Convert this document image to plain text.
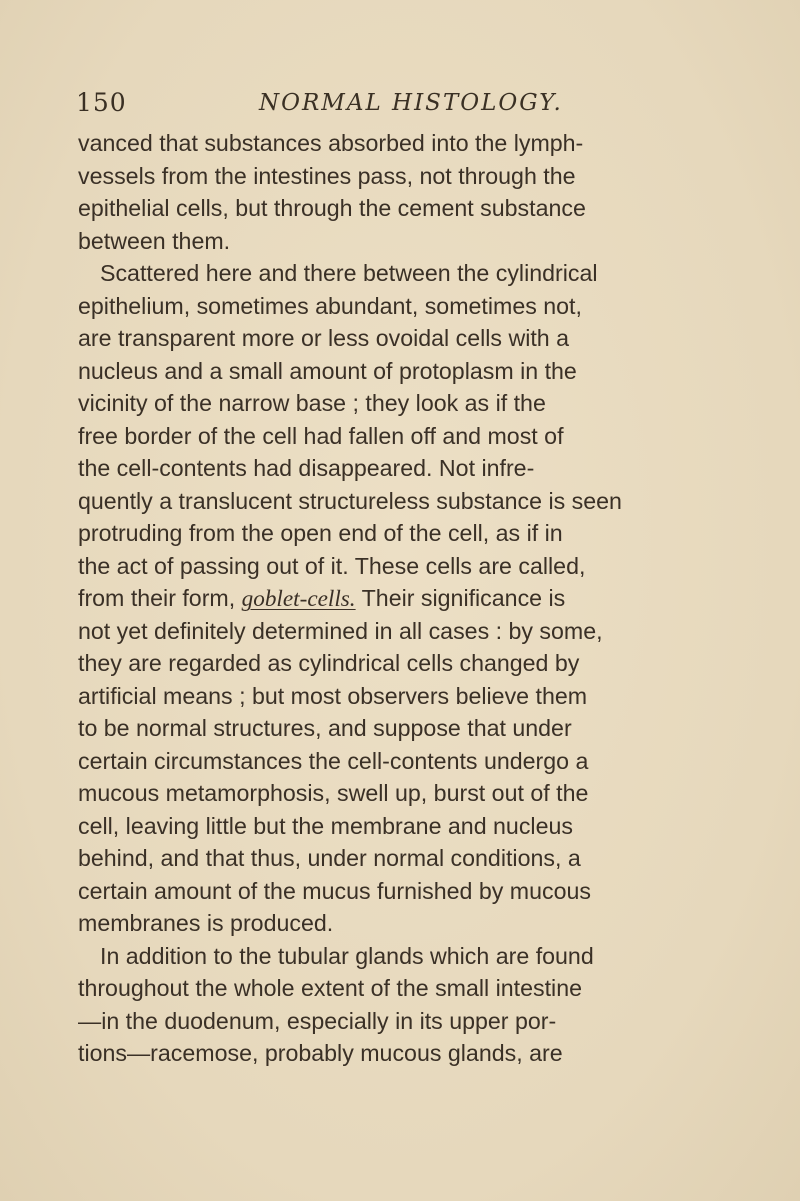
150	NORMAL HISTOLOGY.
vanced that substances absorbed into the lymph-
vessels from the intestines pass, not through the
epithelial cells, but through the cement substance
between them.
Scattered here and there between the cylindrical
epithelium, sometimes abundant, sometimes not,
are transparent more or less ovoidal cells with a
nucleus and a small amount of protoplasm in the
vicinity of the narrow base ; they look as if the
free border of the cell had fallen off and most of
the cell-contents had disappeared. Not infre-
quently a translucent structureless substance is seen
protruding from the open end of the cell, as if in
the act of passing out of it. These cells are called,
from their form, goblet-cells. Their significance is
not yet definitely determined in all cases : by some,
they are regarded as cylindrical cells changed by
artificial means ; but most observers believe them
to be normal structures, and suppose that under
certain circumstances the cell-contents undergo a
mucous metamorphosis, swell up, burst out of the
cell, leaving little but the membrane and nucleus
behind, and that thus, under normal conditions, a
certain amount of the mucus furnished by mucous
membranes is produced.
In addition to the tubular glands which are found
throughout the whole extent of the small intestine
—in the duodenum, especially in its upper por-
tions—racemose, probably mucous glands, are
